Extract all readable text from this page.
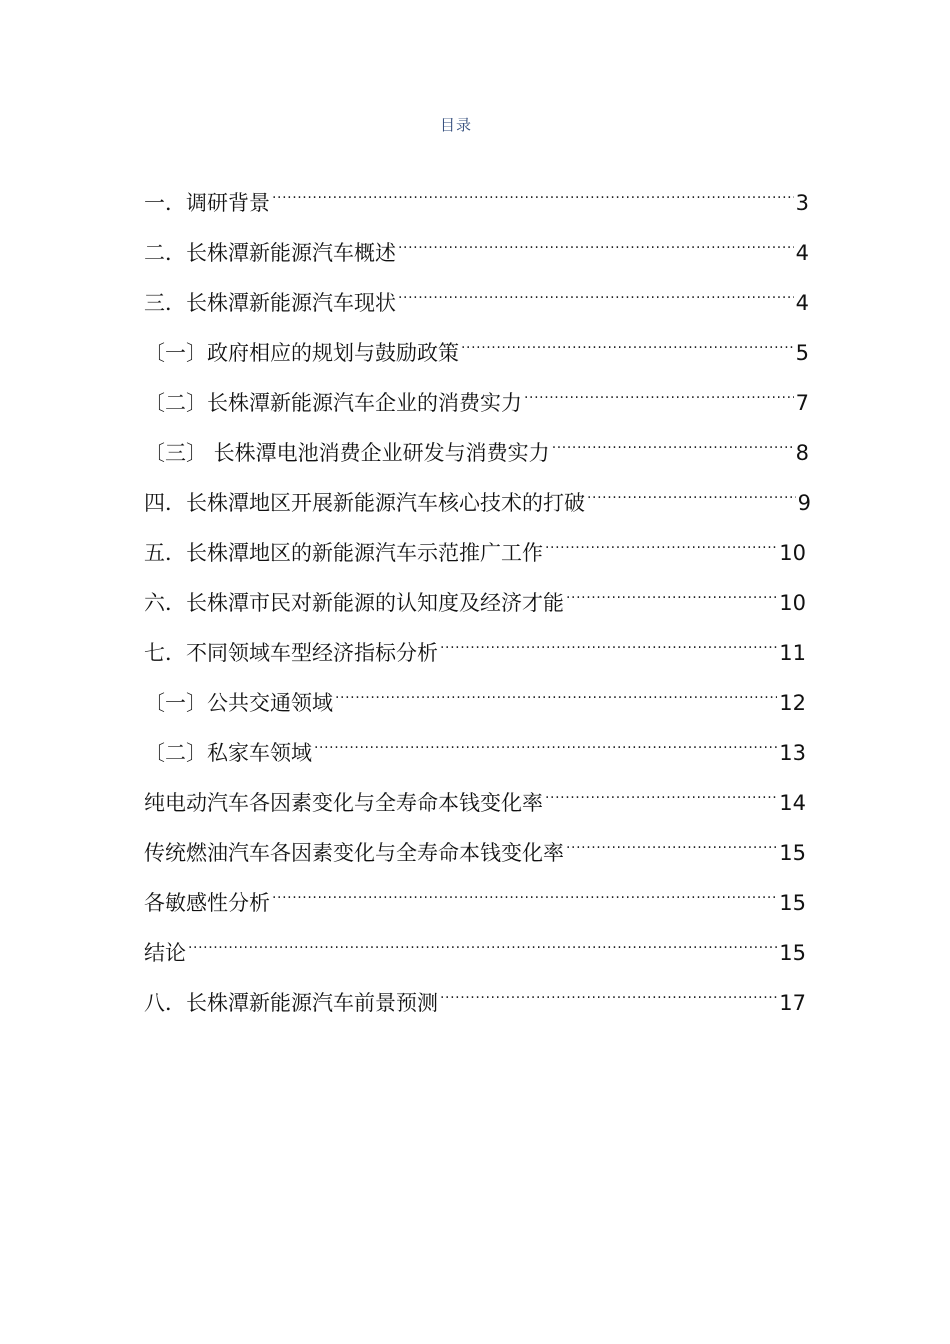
目录
一．调研背景 .....	3
二．长株潭新能源汽车概述 .....	4
三．长株潭新能源汽车现状 .....	4
〔一〕政府相应的规划与鼓励政策 .....	5
〔二〕长株潭新能源汽车企业的消费实力 .....	7
〔三〕 长株潭电池消费企业研发与消费实力 .....	8
四．长株潭地区开展新能源汽车核心技术的打破 .....	9
五．长株潭地区的新能源汽车示范推广工作 .....	10
六．长株潭市民对新能源的认知度及经济才能 .....	10
七．不同领域车型经济指标分析 .....	11
〔一〕公共交通领域 .....	12
〔二〕私家车领域 .....	13
纯电动汽车各因素变化与全寿命本钱变化率 .....	14
传统燃油汽车各因素变化与全寿命本钱变化率 .....	15
各敏感性分析 .....	15
结论 .....	15
八．长株潭新能源汽车前景预测 .....	17
